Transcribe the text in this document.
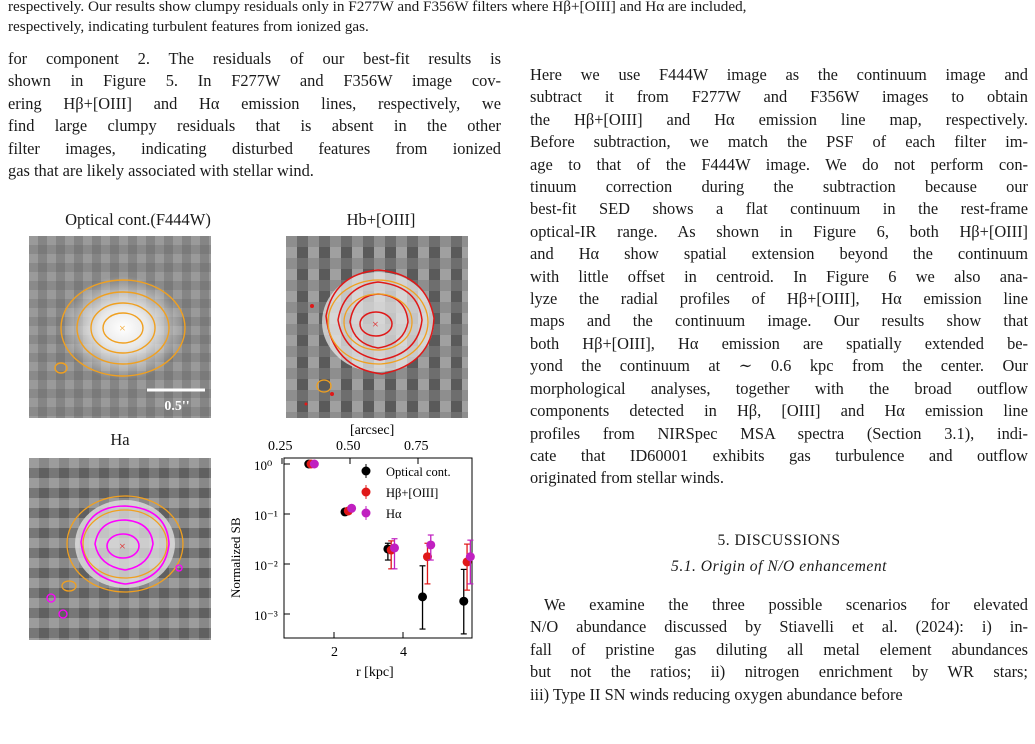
respectively. Our results show clumpy residuals only in F277W and F356W filters where Hβ+[OIII] and Hα are included,
respectively, indicating turbulent features from ionized gas.

for component 2. The residuals of our best-fit results is
shown in Figure 5. In F277W and F356W image cov-
ering Hβ+[OIII] and Hα emission lines, respectively, we
find large clumpy residuals that is absent in the other
filter images, indicating disturbed features from ionized
gas that are likely associated with stellar wind.

Optical cont.(F444W)	Hb+[OIII]
Ha
×
0.5''
×
×
[arcsec]
0.25	0.50	0.75
Normalized SB
10⁰
10⁻¹
10⁻²
10⁻³
2	4
r [kpc]
Optical cont.
Hβ+[OIII]
Hα

Here we use F444W image as the continuum image and
subtract it from F277W and F356W images to obtain
the Hβ+[OIII] and Hα emission line map, respectively.
Before subtraction, we match the PSF of each filter im-
age to that of the F444W image. We do not perform con-
tinuum correction during the subtraction because our
best-fit SED shows a flat continuum in the rest-frame
optical-IR range. As shown in Figure 6, both Hβ+[OIII]
and Hα show spatial extension beyond the continuum
with little offset in centroid. In Figure 6 we also ana-
lyze the radial profiles of Hβ+[OIII], Hα emission line
maps and the continuum image. Our results show that
both Hβ+[OIII], Hα emission are spatially extended be-
yond the continuum at ∼ 0.6 kpc from the center. Our
morphological analyses, together with the broad outflow
components detected in Hβ, [OIII] and Hα emission line
profiles from NIRSpec MSA spectra (Section 3.1), indi-
cate that ID60001 exhibits gas turbulence and outflow
originated from stellar winds.

5. DISCUSSIONS
5.1. Origin of N/O enhancement

We examine the three possible scenarios for elevated
N/O abundance discussed by Stiavelli et al. (2024): i) in-
fall of pristine gas diluting all metal element abundances
but not the ratios; ii) nitrogen enrichment by WR stars;
iii) Type II SN winds reducing oxygen abundance before
